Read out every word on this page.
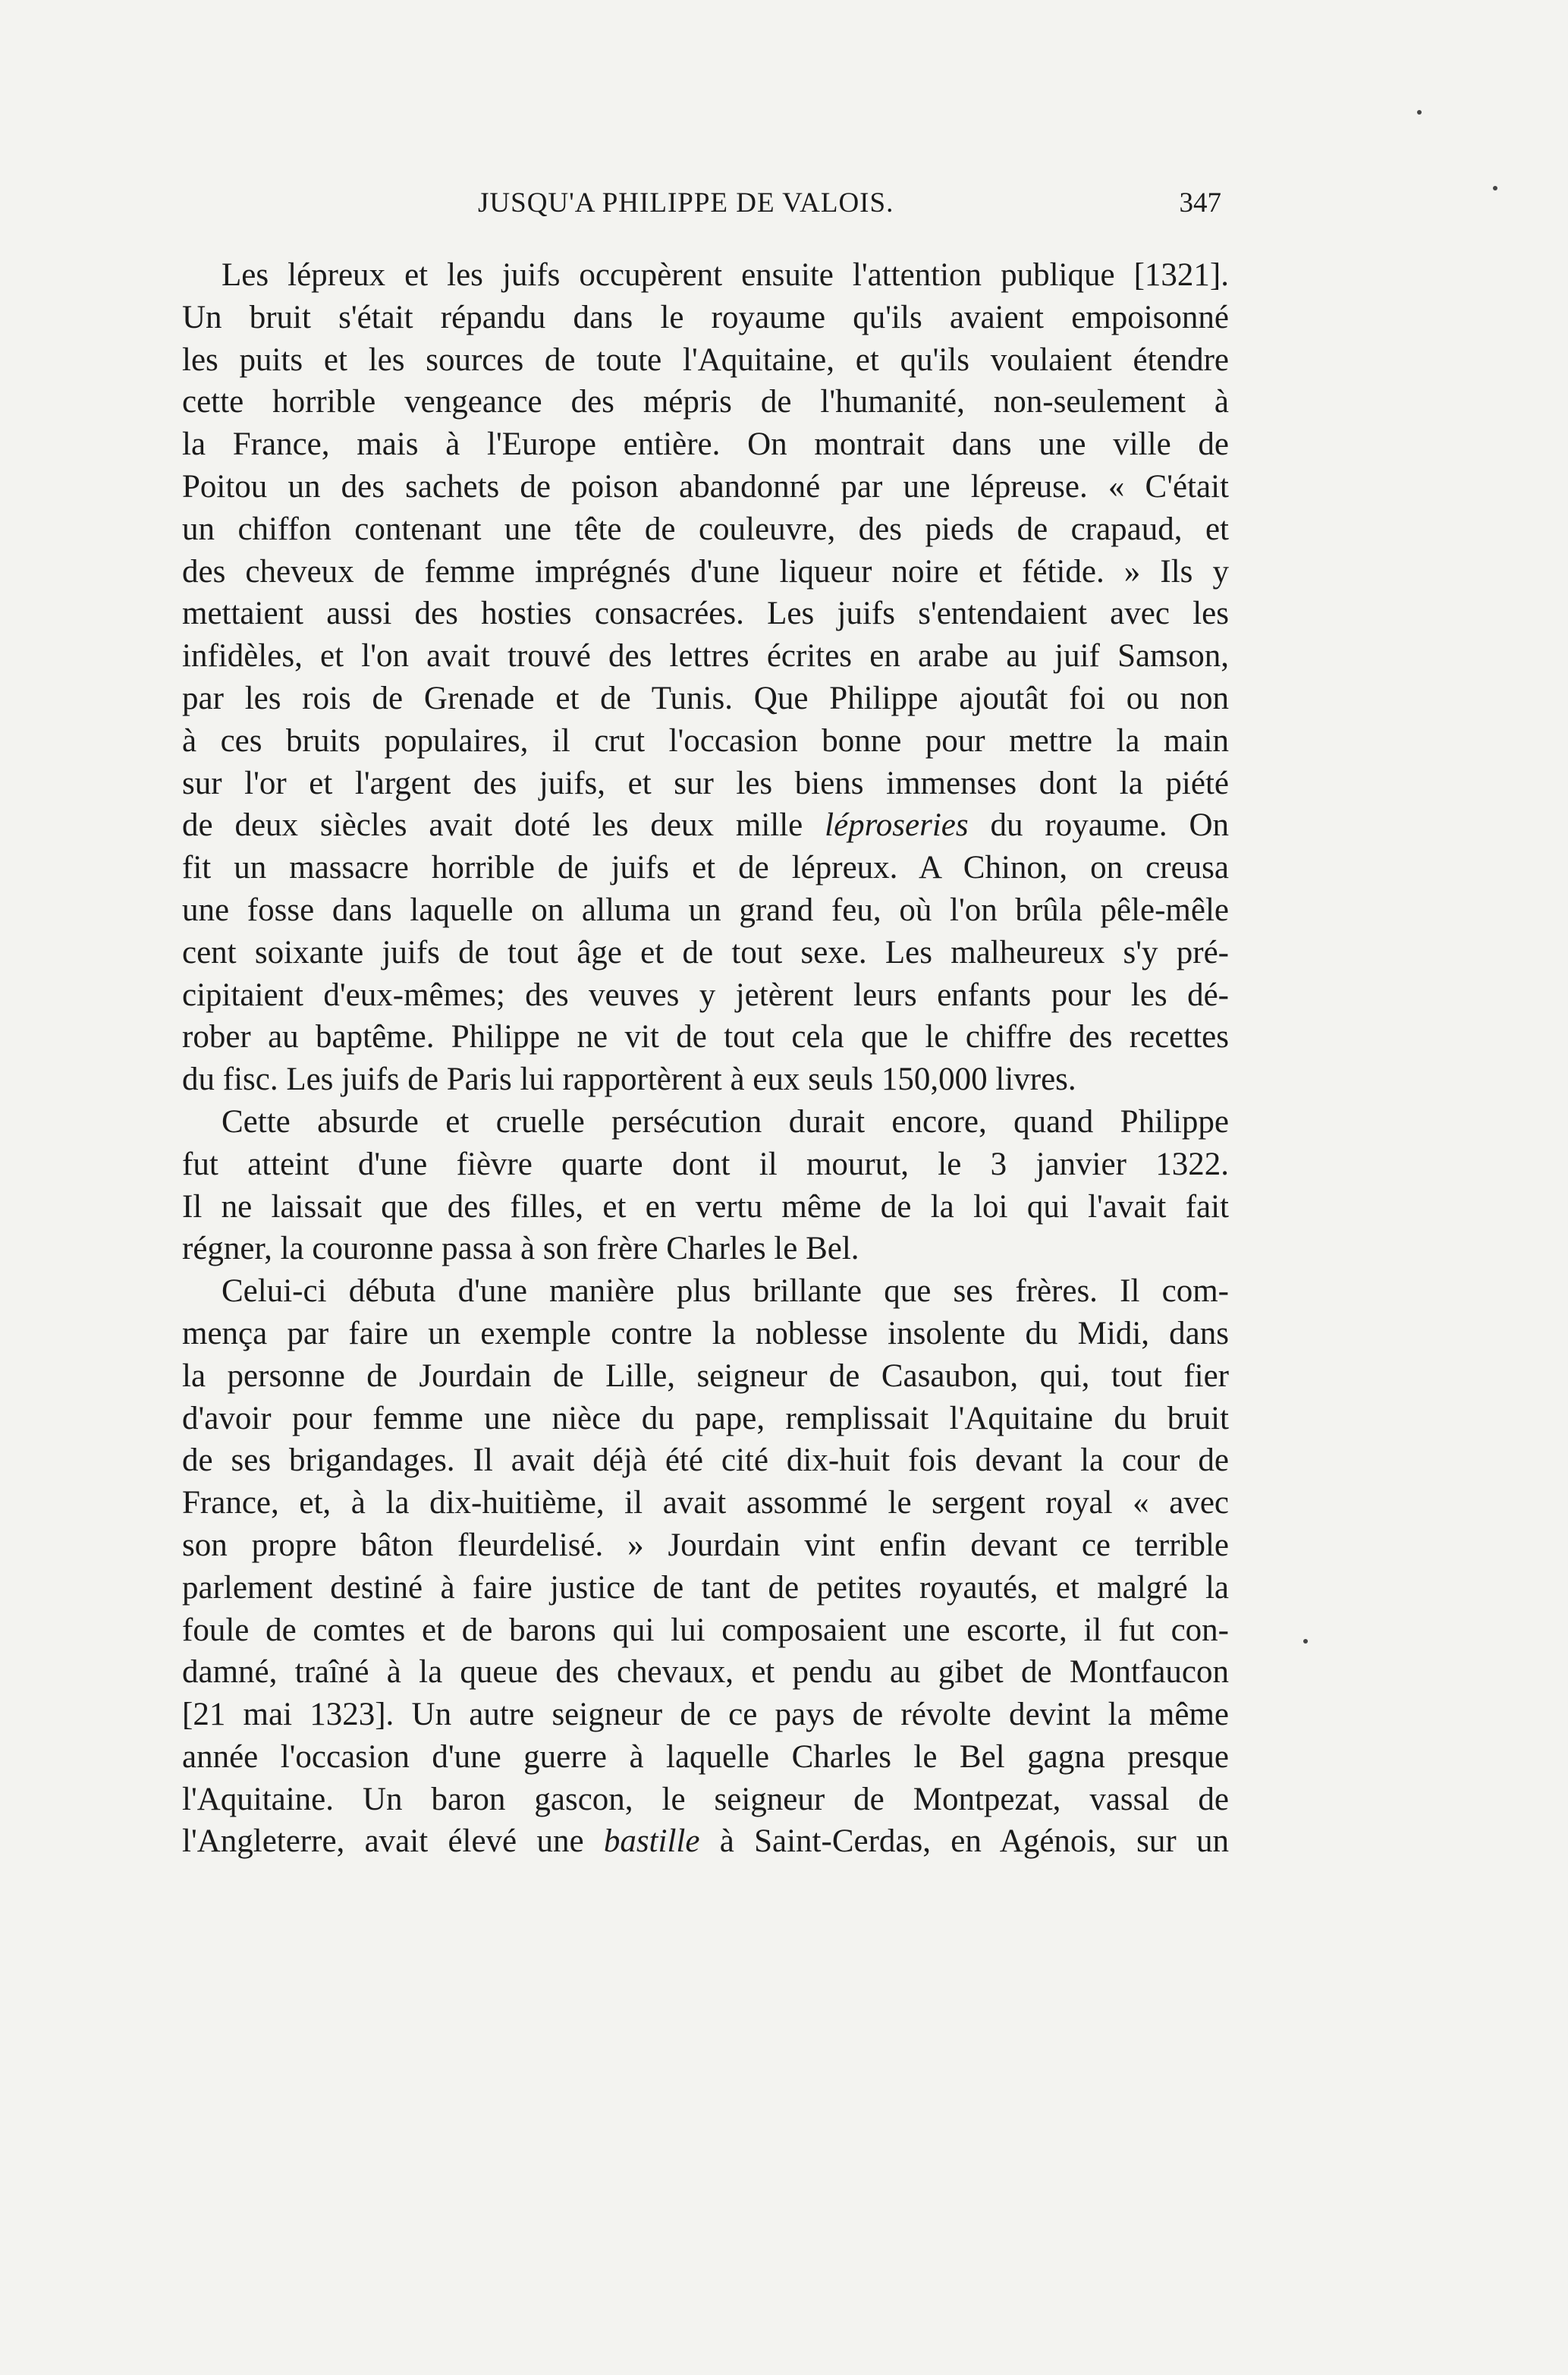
JUSQU'A PHILIPPE DE VALOIS.	347
Les lépreux et les juifs occupèrent ensuite l'attention publique [1321].
Un bruit s'était répandu dans le royaume qu'ils avaient empoisonné
les puits et les sources de toute l'Aquitaine, et qu'ils voulaient étendre
cette horrible vengeance des mépris de l'humanité, non-seulement à
la France, mais à l'Europe entière. On montrait dans une ville de
Poitou un des sachets de poison abandonné par une lépreuse. « C'était
un chiffon contenant une tête de couleuvre, des pieds de crapaud, et
des cheveux de femme imprégnés d'une liqueur noire et fétide. » Ils y
mettaient aussi des hosties consacrées. Les juifs s'entendaient avec les
infidèles, et l'on avait trouvé des lettres écrites en arabe au juif Samson,
par les rois de Grenade et de Tunis. Que Philippe ajoutât foi ou non
à ces bruits populaires, il crut l'occasion bonne pour mettre la main
sur l'or et l'argent des juifs, et sur les biens immenses dont la piété
de deux siècles avait doté les deux mille léproseries du royaume. On
fit un massacre horrible de juifs et de lépreux. A Chinon, on creusa
une fosse dans laquelle on alluma un grand feu, où l'on brûla pêle-mêle
cent soixante juifs de tout âge et de tout sexe. Les malheureux s'y pré-
cipitaient d'eux-mêmes; des veuves y jetèrent leurs enfants pour les dé-
rober au baptême. Philippe ne vit de tout cela que le chiffre des recettes
du fisc. Les juifs de Paris lui rapportèrent à eux seuls 150,000 livres.
Cette absurde et cruelle persécution durait encore, quand Philippe
fut atteint d'une fièvre quarte dont il mourut, le 3 janvier 1322.
Il ne laissait que des filles, et en vertu même de la loi qui l'avait fait
régner, la couronne passa à son frère Charles le Bel.
Celui-ci débuta d'une manière plus brillante que ses frères. Il com-
mença par faire un exemple contre la noblesse insolente du Midi, dans
la personne de Jourdain de Lille, seigneur de Casaubon, qui, tout fier
d'avoir pour femme une nièce du pape, remplissait l'Aquitaine du bruit
de ses brigandages. Il avait déjà été cité dix-huit fois devant la cour de
France, et, à la dix-huitième, il avait assommé le sergent royal « avec
son propre bâton fleurdelisé. » Jourdain vint enfin devant ce terrible
parlement destiné à faire justice de tant de petites royautés, et malgré la
foule de comtes et de barons qui lui composaient une escorte, il fut con-
damné, traîné à la queue des chevaux, et pendu au gibet de Montfaucon
[21 mai 1323]. Un autre seigneur de ce pays de révolte devint la même
année l'occasion d'une guerre à laquelle Charles le Bel gagna presque
l'Aquitaine. Un baron gascon, le seigneur de Montpezat, vassal de
l'Angleterre, avait élevé une bastille à Saint-Cerdas, en Agénois, sur un
